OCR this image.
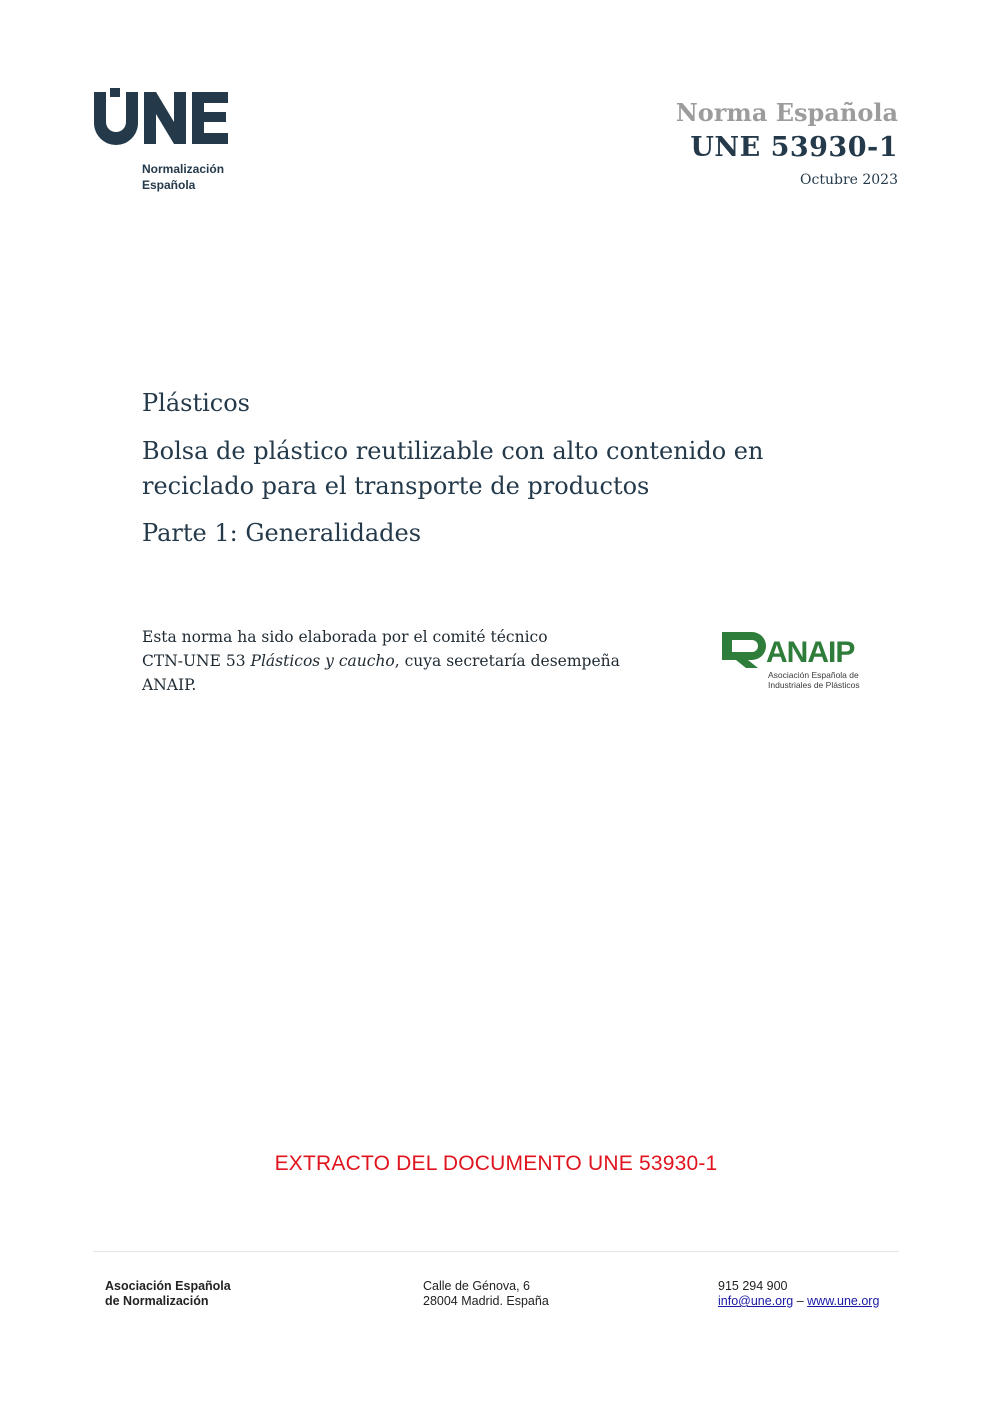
Normalización
Española
Norma Española
UNE 53930-1
Octubre 2023
Plásticos
Bolsa de plástico reutilizable con alto contenido en
reciclado para el transporte de productos
Parte 1: Generalidades
Esta norma ha sido elaborada por el comité técnico
CTN-UNE 53 Plásticos y caucho, cuya secretaría desempeña
ANAIP.
ANAIP
Asociación Española de
Industriales de Plásticos
EXTRACTO DEL DOCUMENTO UNE 53930-1
Asociación Española
de Normalización
Calle de Génova, 6
28004 Madrid. España
915 294 900
info@une.org – www.une.org
